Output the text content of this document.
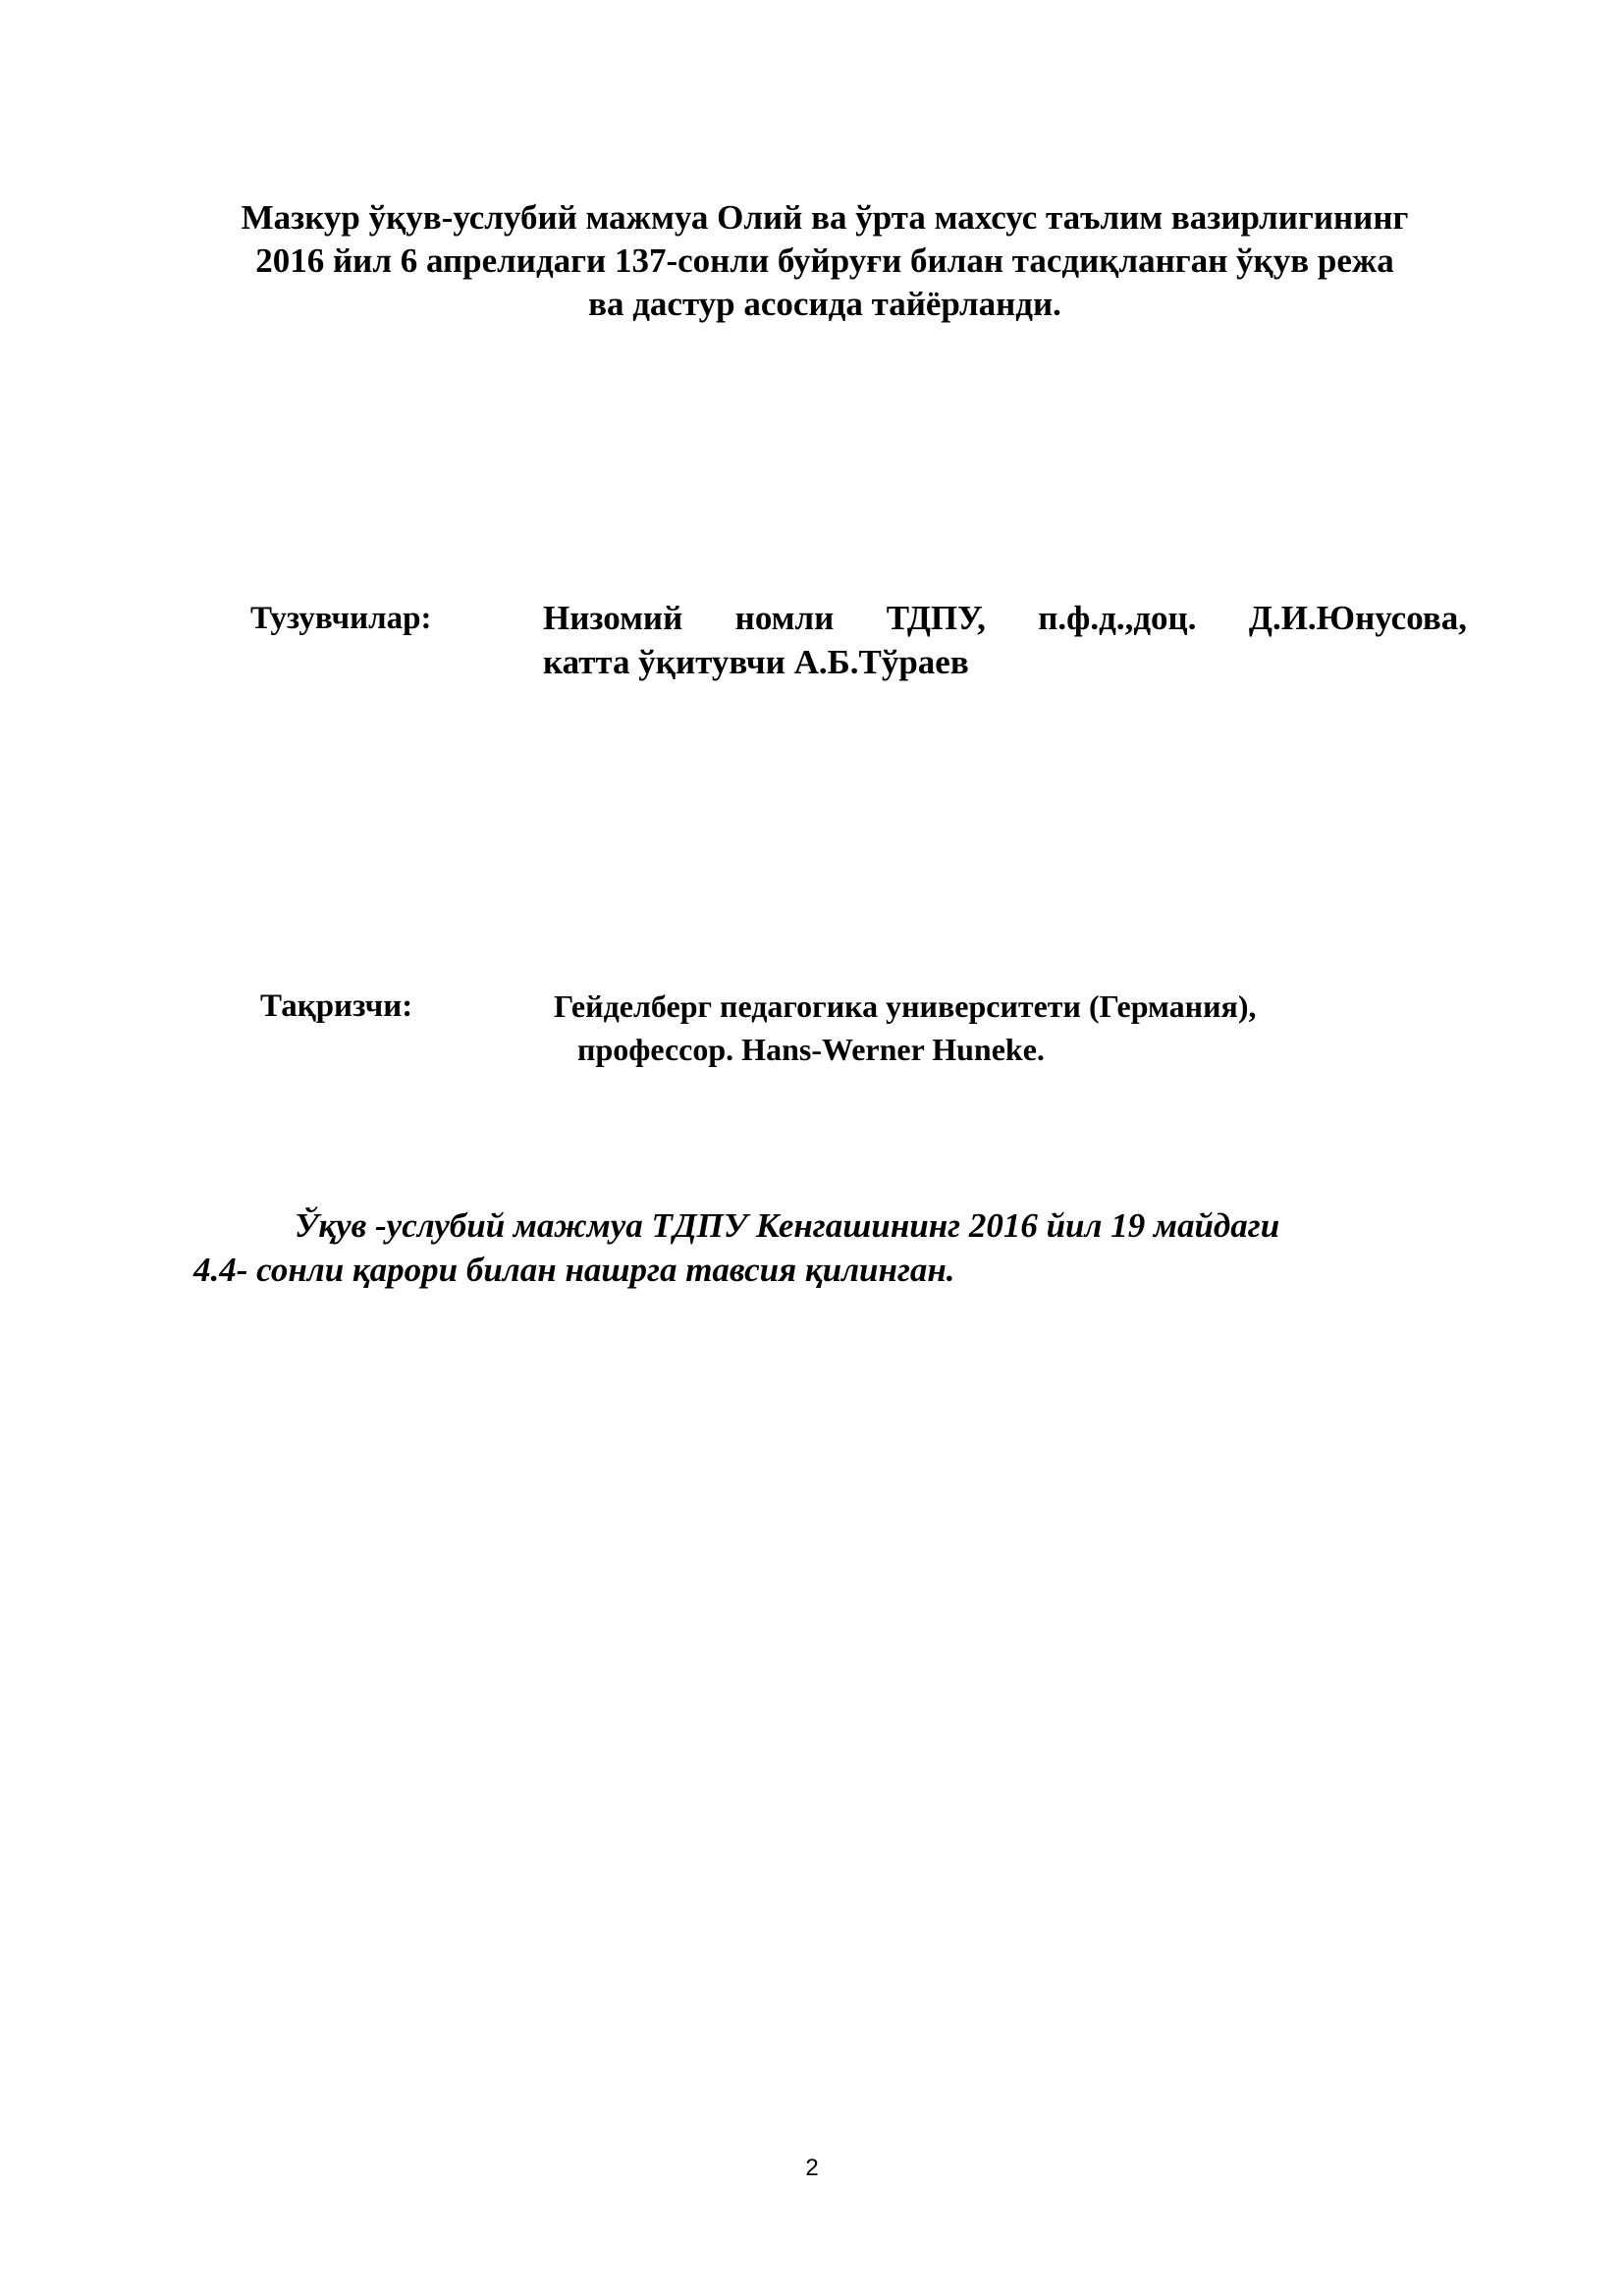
Мазкур ўқув-услубий мажмуа Олий ва ўрта махсус таълим вазирлигининг
2016 йил 6 апрелидаги 137-сонли буйруғи билан тасдиқланган ўқув режа
ва дастур асосида тайёрланди.
Тузувчилар:	Низомий номли ТДПУ, п.ф.д.,доц. Д.И.Юнусова,
катта ўқитувчи А.Б.Тўраев
Тақризчи:	Гейделберг педагогика университети (Германия),
профессор. Hans-Werner Huneke.
Ўқув -услубий мажмуа ТДПУ Кенгашининг 2016 йил 19 майдаги
4.4- сонли қарори билан нашрга тавсия қилинган.
2
